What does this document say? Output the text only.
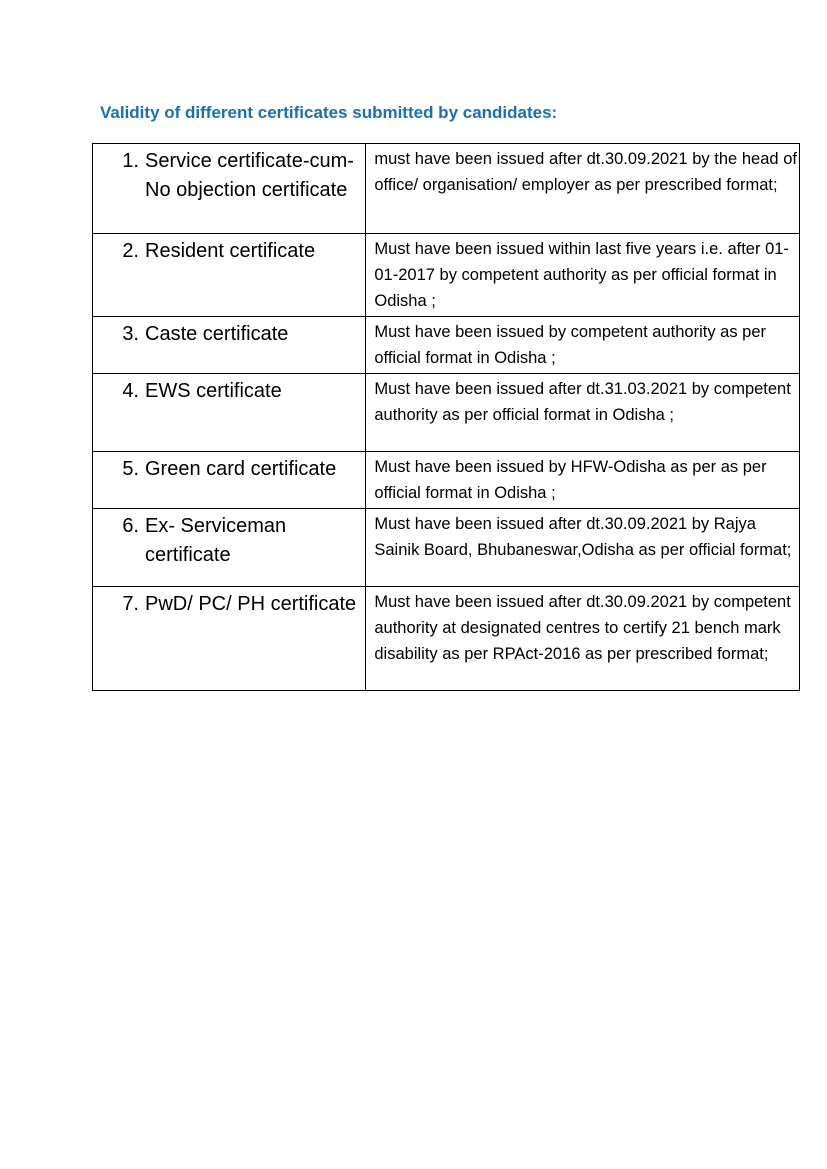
Validity of different certificates submitted by candidates:
1. Service certificate-cum-No objection certificate	must have been issued after dt.30.09.2021 by the head of office/ organisation/ employer as per prescribed format;

2. Resident certificate	Must have been issued within last five years i.e. after 01-01-2017 by competent authority as per official format in Odisha ;

3. Caste certificate	Must have been issued by competent authority as per official format in Odisha ;

4. EWS certificate	Must have been issued after dt.31.03.2021 by competent authority as per official format in Odisha ;

5. Green card certificate	Must have been issued by HFW-Odisha as per as per official format in Odisha ;

6. Ex- Serviceman certificate	Must have been issued after dt.30.09.2021 by Rajya Sainik Board, Bhubaneswar,Odisha as per official format;

7. PwD/ PC/ PH certificate	Must have been issued after dt.30.09.2021 by competent authority at designated centres to certify 21 bench mark disability as per RPAct-2016 as per prescribed format;
